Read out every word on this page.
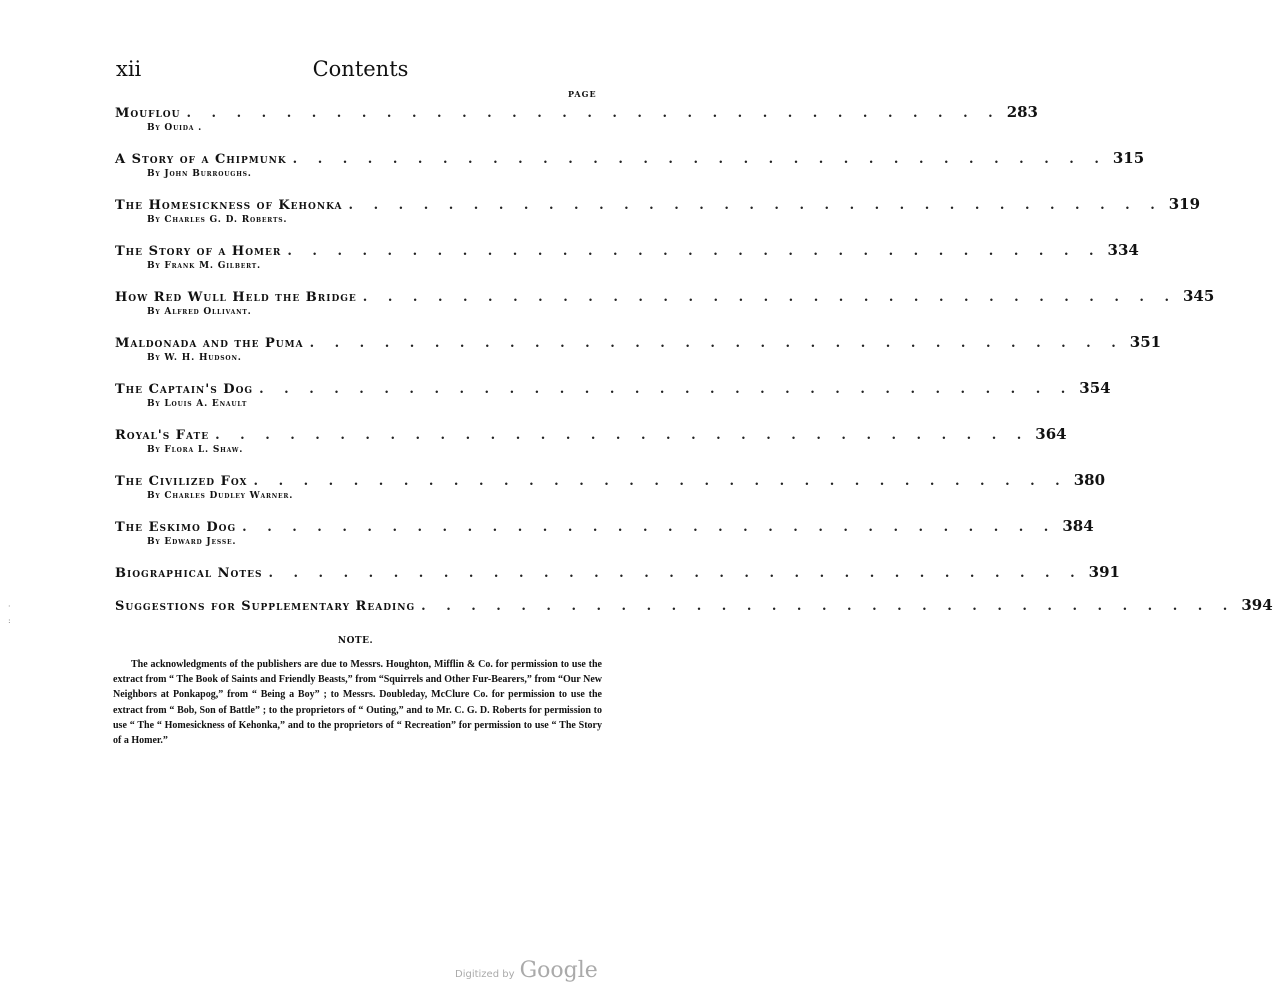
xii	Contents
PAGE
Mouflou . . . . . . . . . . . . . . . . . . . . . . . . . . . . . . . . . 283
By Ouida .
A Story of a Chipmunk . . . . . . . . . . . . . . . . . . . . . . . . . . . . . . . . . 315
By John Burroughs.
The Homesickness of Kehonka . . . . . . . . . . . . . . . . . . . . . . . . . . . . . . . . . 319
By Charles G. D. Roberts.
The Story of a Homer . . . . . . . . . . . . . . . . . . . . . . . . . . . . . . . . . 334
By Frank M. Gilbert.
How Red Wull Held the Bridge . . . . . . . . . . . . . . . . . . . . . . . . . . . . . . . . . 345
By Alfred Ollivant.
Maldonada and the Puma . . . . . . . . . . . . . . . . . . . . . . . . . . . . . . . . . 351
By W. H. Hudson.
The Captain's Dog . . . . . . . . . . . . . . . . . . . . . . . . . . . . . . . . . 354
By Louis A. Enault
Royal's Fate . . . . . . . . . . . . . . . . . . . . . . . . . . . . . . . . . 364
By Flora L. Shaw.
The Civilized Fox . . . . . . . . . . . . . . . . . . . . . . . . . . . . . . . . . 380
By Charles Dudley Warner.
The Eskimo Dog . . . . . . . . . . . . . . . . . . . . . . . . . . . . . . . . . 384
By Edward Jesse.
Biographical Notes . . . . . . . . . . . . . . . . . . . . . . . . . . . . . . . . . 391
Suggestions for Supplementary Reading . . . . . . . . . . . . . . . . . . . . . . . . . . . . . . . . . 394
·
:
NOTE.
The acknowledgments of the publishers are due to Messrs. Houghton, Mifflin & Co. for permission to use the extract from “ The Book of Saints and Friendly Beasts,” from “Squirrels and Other Fur-Bearers,” from “Our New Neighbors at Ponkapog,” from “ Being a Boy” ; to Messrs. Doubleday, McClure Co. for permission to use the extract from “ Bob, Son of Battle” ; to the proprietors of “ Outing,” and to Mr. C. G. D. Roberts for permission to use “ The “ Homesickness of Kehonka,” and to the proprietors of “ Recreation” for permission to use “ The Story of a Homer.”
Digitized by Google
